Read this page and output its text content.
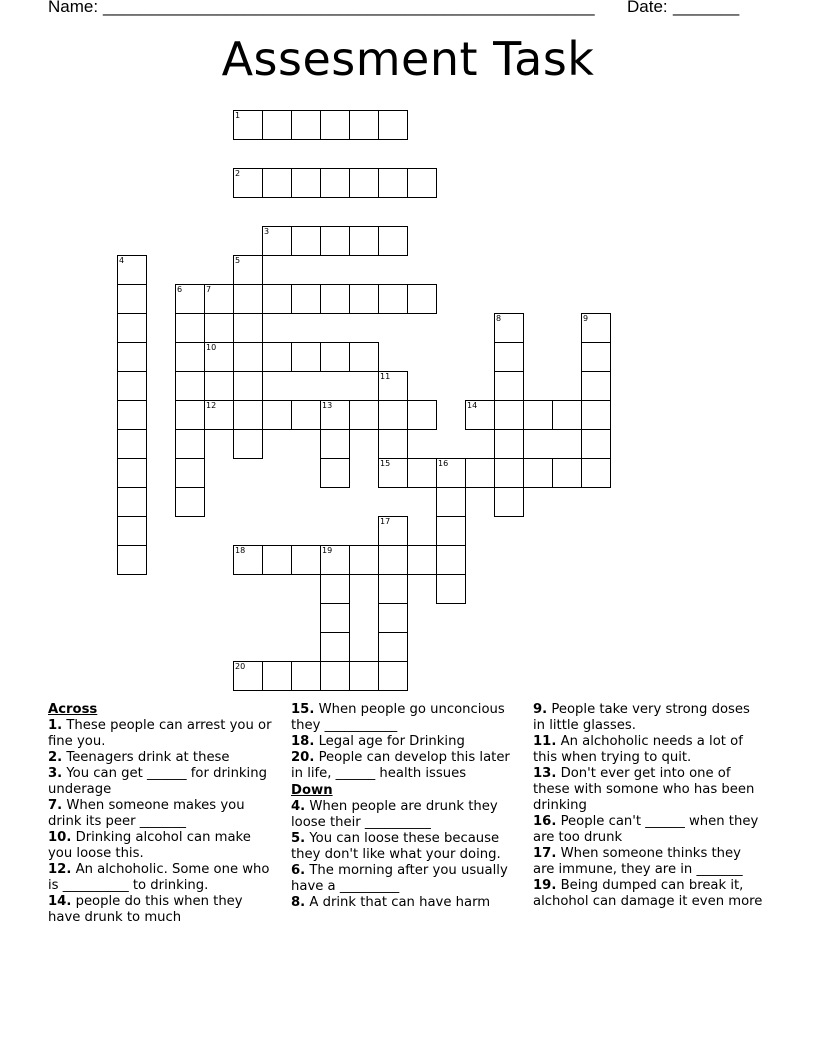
Name: ____________________________________________________ Date: _______
Assesment Task
1
2
3
4	5
6	7
8	9
10
11
15
12	13	14
16
17
18	19
20
Across
1. These people can arrest you or fine you.
2. Teenagers drink at these
3. You can get ______ for drinking underage
7. When someone makes you drink its peer _______
10. Drinking alcohol can make you loose this.
12. An alchoholic. Some one who is __________ to drinking.
14. people do this when they have drunk to much
15. When people go unconcious they ___________
18. Legal age for Drinking
20. People can develop this later in life, ______ health issues
Down
4. When people are drunk they loose their __________
5. You can loose these because they don't like what your doing.
6. The morning after you usually have a _________
8. A drink that can have harm
9. People take very strong doses in little glasses.
11. An alchoholic needs a lot of this when trying to quit.
13. Don't ever get into one of these with somone who has been drinking
16. People can't ______ when they are too drunk
17. When someone thinks they are immune, they are in _______
19. Being dumped can break it, alchohol can damage it even more
